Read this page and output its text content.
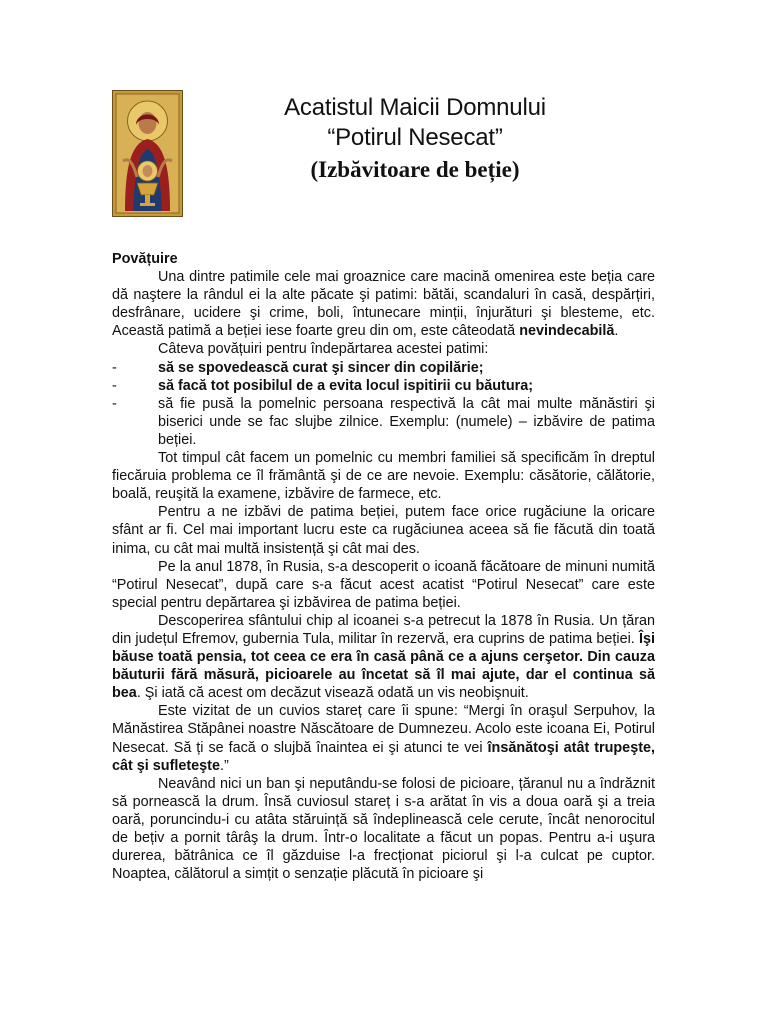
Acatistul Maicii Domnului
“Potirul Nesecat”
(Izbăvitoare de beție)

Povățuire

Una dintre patimile cele mai groaznice care macină omenirea este beția care dă naştere la rândul ei la alte păcate şi patimi: bătăi, scandaluri în casă, despărțiri, desfrânare, ucidere şi crime, boli, întunecare minții, înjurături şi blesteme, etc. Această patimă a beției iese foarte greu din om, este câteodată nevindecabilă.

Câteva povățuiri pentru îndepărtarea acestei patimi:

-	să se spovedească curat şi sincer din copilărie;
-	să facă tot posibilul de a evita locul ispitirii cu băutura;
-	să fie pusă la pomelnic persoana respectivă la cât mai multe mănăstiri şi biserici unde se fac slujbe zilnice. Exemplu: (numele) – izbăvire de patima beției.

Tot timpul cât facem un pomelnic cu membri familiei să specificăm în dreptul fiecăruia problema ce îl frământă şi de ce are nevoie. Exemplu: căsătorie, călătorie, boală, reuşită la examene, izbăvire de farmece, etc.

Pentru a ne izbăvi de patima beției, putem face orice rugăciune la oricare sfânt ar fi. Cel mai important lucru este ca rugăciunea aceea să fie făcută din toată inima, cu cât mai multă insistență şi cât mai des.

Pe la anul 1878, în Rusia, s-a descoperit o icoană făcătoare de minuni numită “Potirul Nesecat”, după care s-a făcut acest acatist “Potirul Nesecat” care este special pentru depărtarea şi izbăvirea de patima beției.

Descoperirea sfântului chip al icoanei s-a petrecut la 1878 în Rusia. Un țăran din județul Efremov, gubernia Tula, militar în rezervă, era cuprins de patima beției. Îşi băuse toată pensia, tot ceea ce era în casă până ce a ajuns cerşetor. Din cauza băuturii fără măsură, picioarele au încetat să îl mai ajute, dar el continua să bea. Şi iată că acest om decăzut visează odată un vis neobişnuit.

Este vizitat de un cuvios stareț care îi spune: “Mergi în oraşul Serpuhov, la Mănăstirea Stăpânei noastre Născătoare de Dumnezeu. Acolo este icoana Ei, Potirul Nesecat. Să ți se facă o slujbă înaintea ei şi atunci te vei însănătoşi atât trupeşte, cât şi sufleteşte.”

Neavând nici un ban şi neputându-se folosi de picioare, țăranul nu a îndrăznit să pornească la drum. Însă cuviosul stareț i s-a arătat în vis a doua oară şi a treia oară, poruncindu-i cu atâta stăruință să îndeplinească cele cerute, încât nenorocitul de bețiv a pornit târâş la drum. Într-o localitate a făcut un popas. Pentru a-i uşura durerea, bătrânica ce îl găzduise l-a frecționat piciorul şi l-a culcat pe cuptor. Noaptea, călătorul a simțit o senzație plăcută în picioare şi
